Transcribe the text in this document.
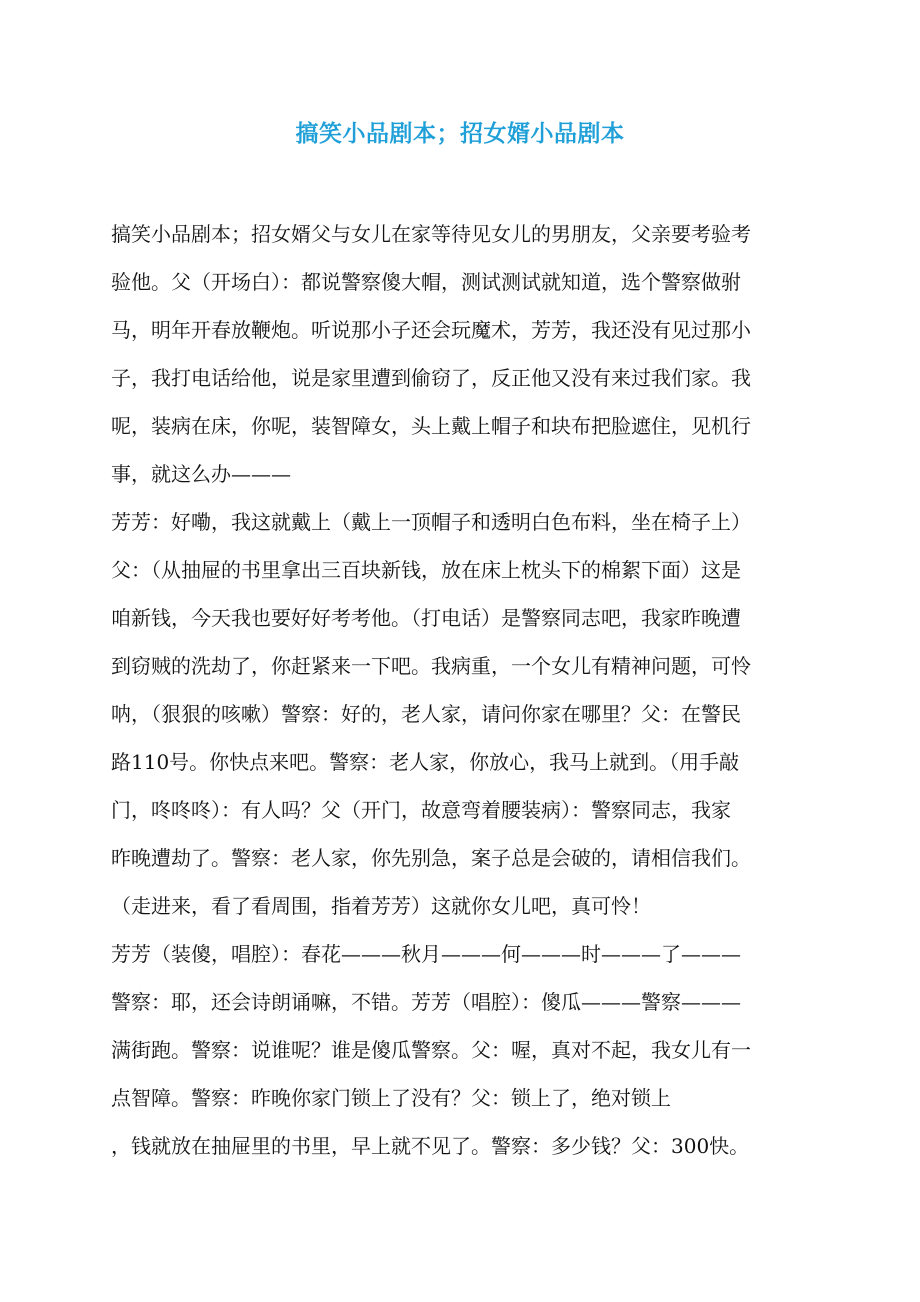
搞笑小品剧本；招女婿小品剧本
搞笑小品剧本；招女婿父与女儿在家等待见女儿的男朋友，父亲要考验考
验他。父（开场白）：都说警察傻大帽，测试测试就知道，选个警察做驸
马，明年开春放鞭炮。听说那小子还会玩魔术，芳芳，我还没有见过那小
子，我打电话给他，说是家里遭到偷窃了，反正他又没有来过我们家。我
呢，装病在床，你呢，装智障女，头上戴上帽子和块布把脸遮住，见机行
事，就这么办———
芳芳：好嘞，我这就戴上（戴上一顶帽子和透明白色布料，坐在椅子上）
父：（从抽屉的书里拿出三百块新钱，放在床上枕头下的棉絮下面）这是
咱新钱，今天我也要好好考考他。（打电话）是警察同志吧，我家昨晚遭
到窃贼的洗劫了，你赶紧来一下吧。我病重，一个女儿有精神问题，可怜
呐，（狠狠的咳嗽）警察：好的，老人家，请问你家在哪里？父：在警民
路110号。你快点来吧。警察：老人家，你放心，我马上就到。（用手敲
门，咚咚咚）：有人吗？父（开门，故意弯着腰装病）：警察同志，我家
昨晚遭劫了。警察：老人家，你先别急，案子总是会破的，请相信我们。
（走进来，看了看周围，指着芳芳）这就你女儿吧，真可怜！
芳芳（装傻，唱腔）：春花———秋月———何———时———了———
警察：耶，还会诗朗诵嘛，不错。芳芳（唱腔）：傻瓜———警察———
满街跑。警察：说谁呢？谁是傻瓜警察。父：喔，真对不起，我女儿有一
点智障。警察：昨晚你家门锁上了没有？父：锁上了，绝对锁上
，钱就放在抽屉里的书里，早上就不见了。警察：多少钱？父：300快。
